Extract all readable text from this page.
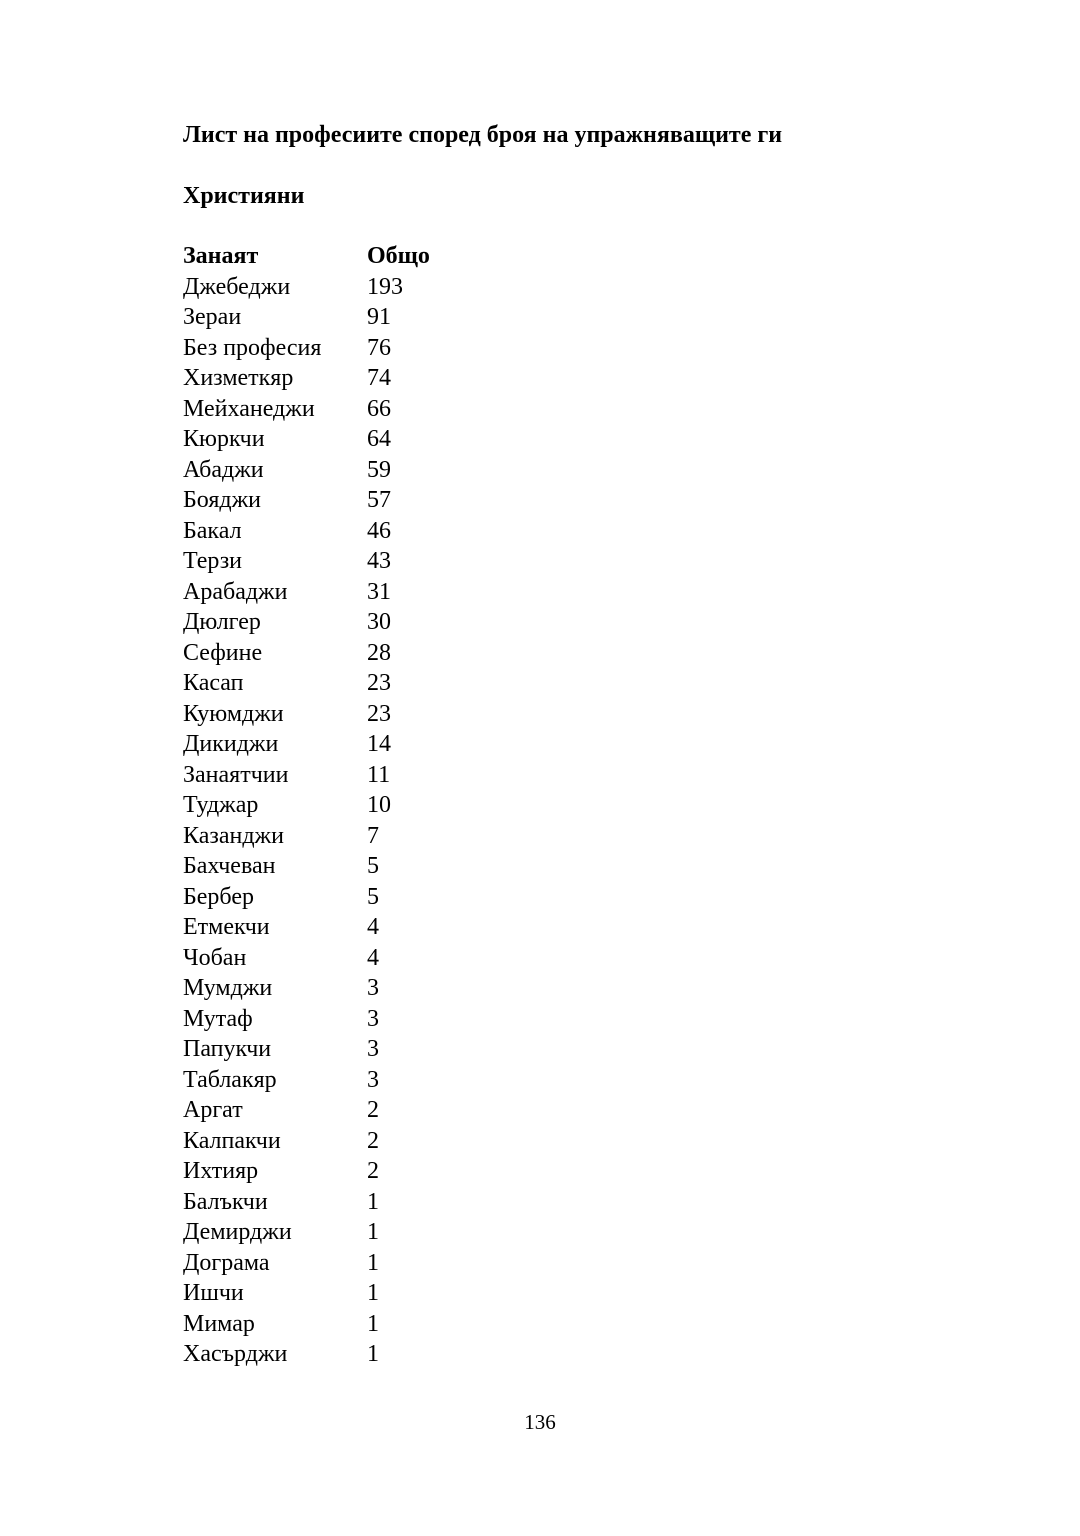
Лист на професиите според броя на упражняващите ги
Християни
Занаят	Общо
Джебеджи	193
Зераи	91
Без професия	76
Хизметкяр	74
Мейханеджи	66
Кюркчи	64
Абаджи	59
Бояджи	57
Бакал	46
Терзи	43
Арабаджи	31
Дюлгер	30
Сефине	28
Касап	23
Куюмджи	23
Дикиджи	14
Занаятчии	11
Туджар	10
Казанджи	7
Бахчеван	5
Бербер	5
Етмекчи	4
Чобан	4
Мумджи	3
Мутаф	3
Папукчи	3
Таблакяр	3
Аргат	2
Калпакчи	2
Ихтияр	2
Балъкчи	1
Демирджи	1
Дограма	1
Ишчи	1
Мимар	1
Хасърджи	1
136
